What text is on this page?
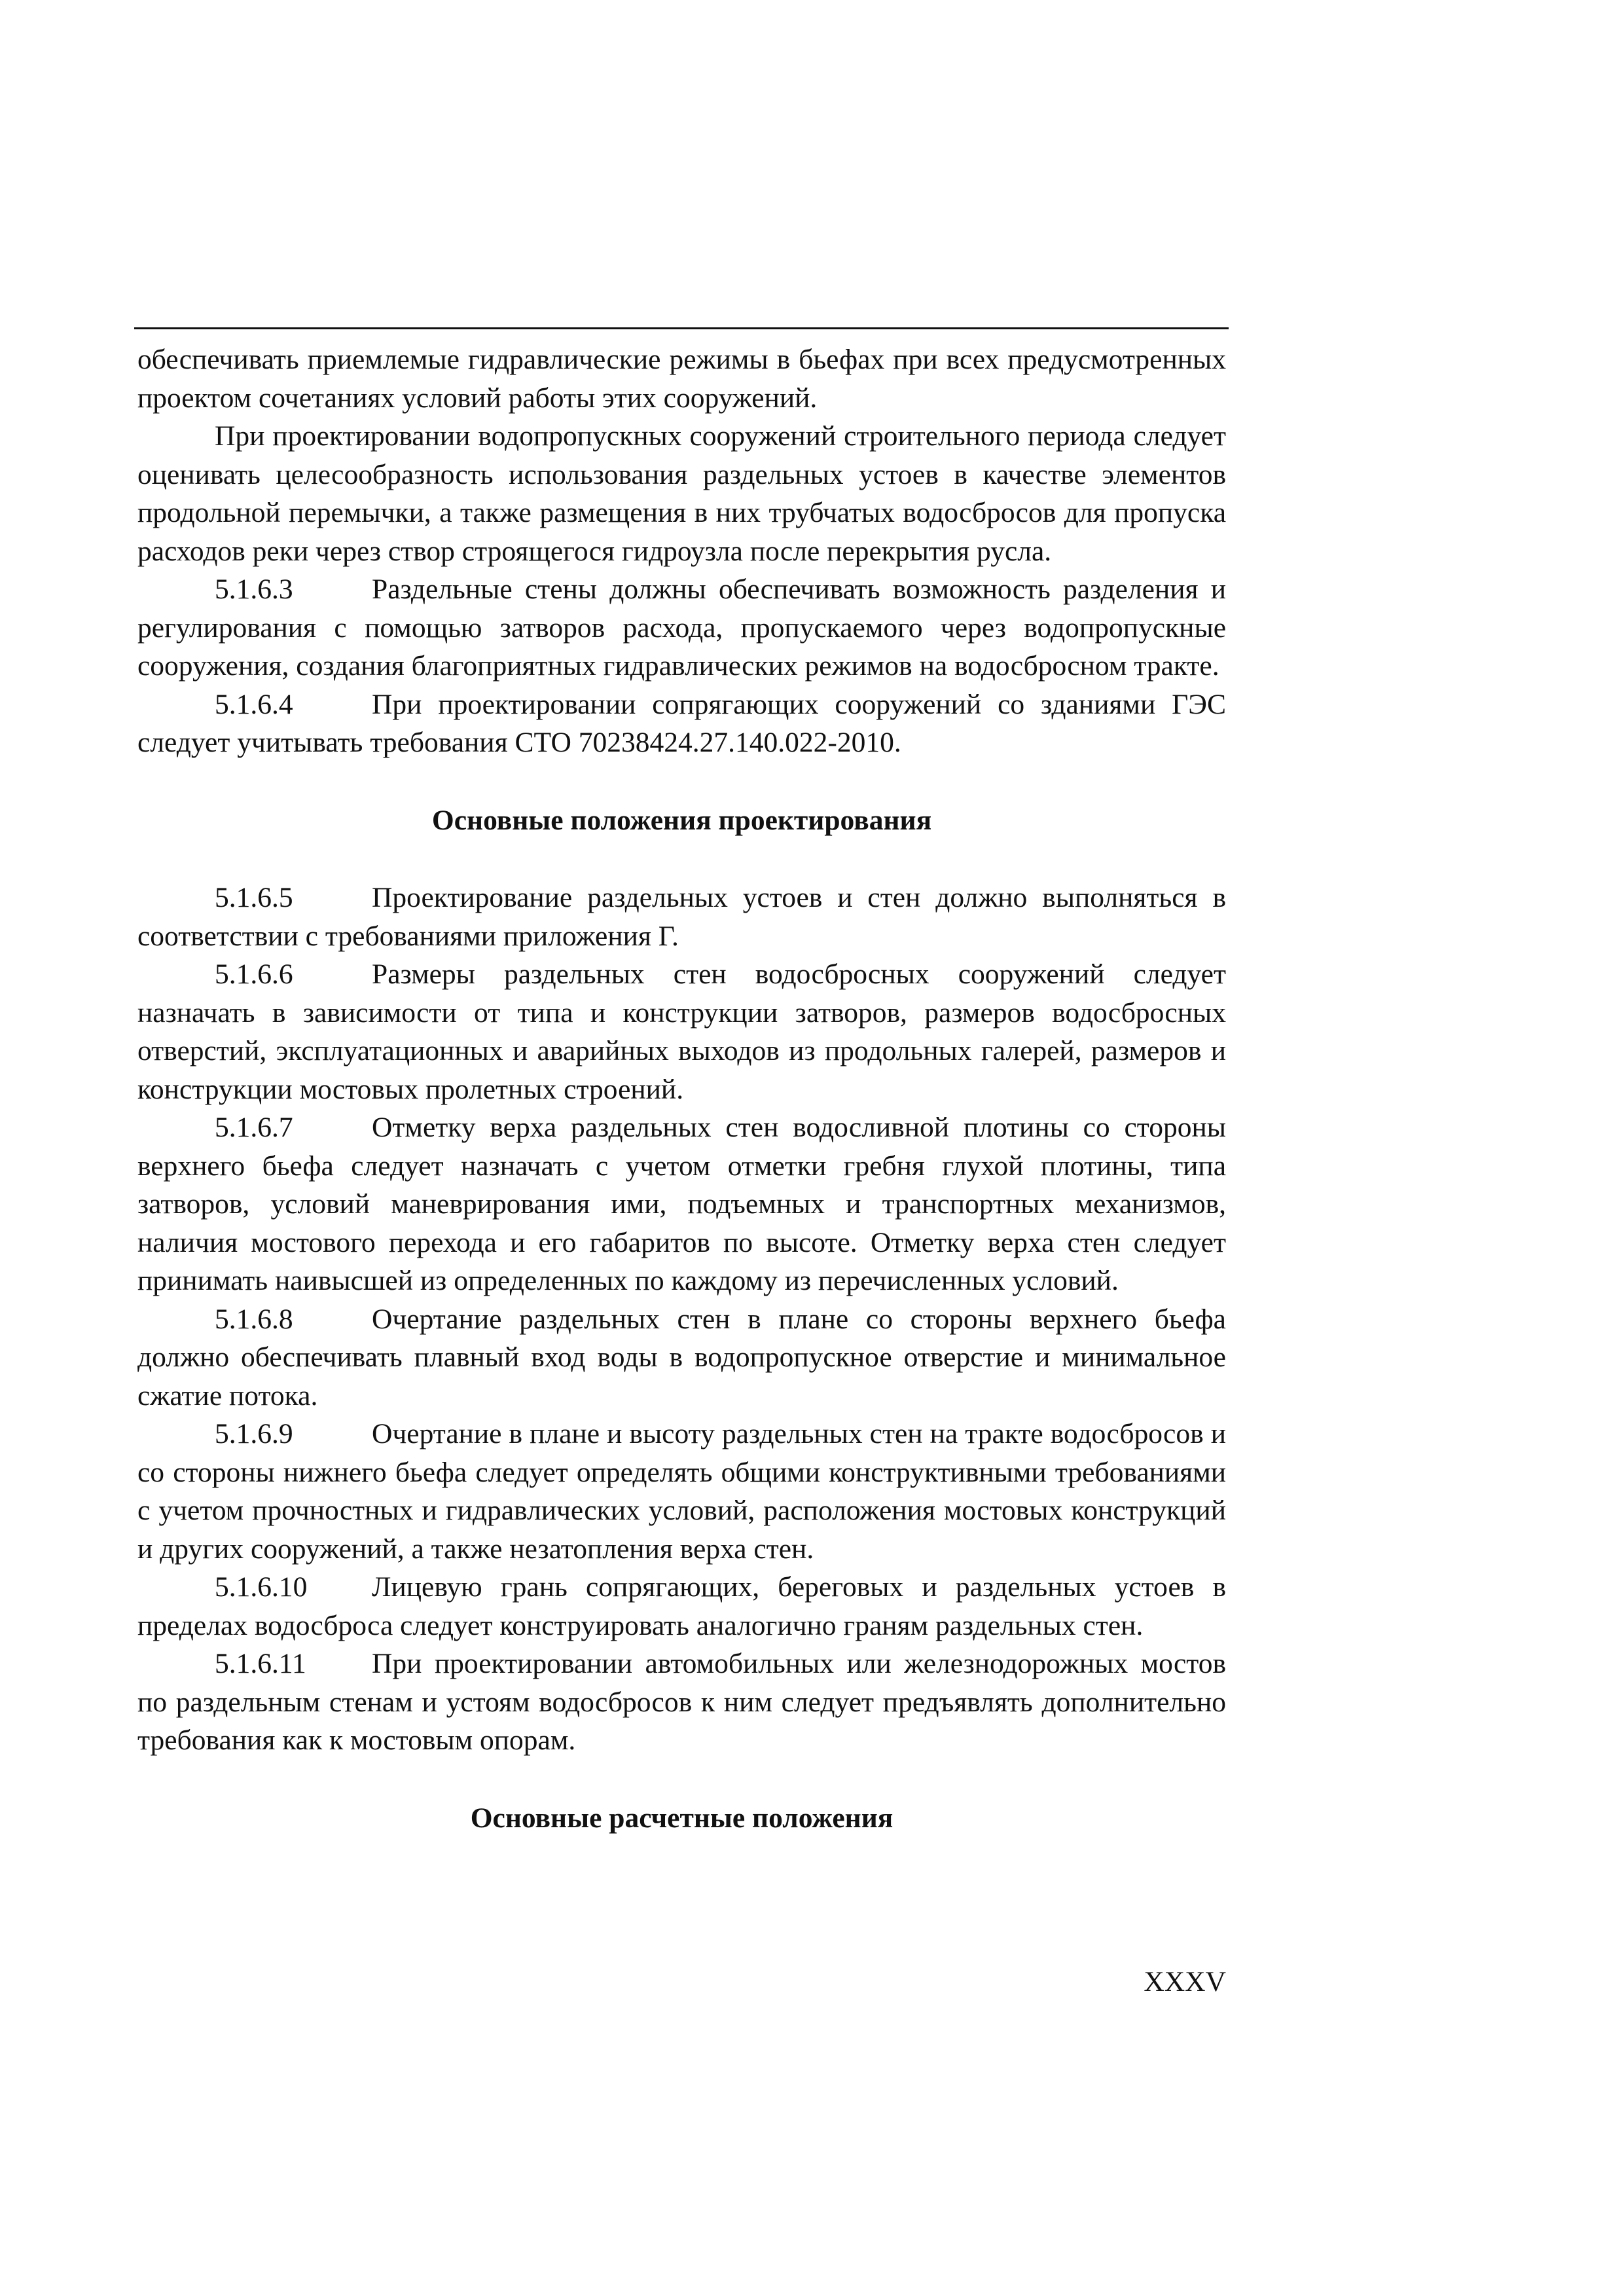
обеспечивать приемлемые гидравлические режимы в бьефах при всех предусмотренных проектом сочетаниях условий работы этих сооружений.

При проектировании водопропускных сооружений строительного периода следует оценивать целесообразность использования раздельных устоев в качестве элементов продольной перемычки, а также размещения в них трубчатых водосбросов для пропуска расходов реки через створ строящегося гидроузла после перекрытия русла.

5.1.6.3	Раздельные стены должны обеспечивать возможность разделения и регулирования с помощью затворов расхода, пропускаемого через водопропускные сооружения, создания благоприятных гидравлических режимов на водосбросном тракте.

5.1.6.4	При проектировании сопрягающих сооружений со зданиями ГЭС следует учитывать требования СТО 70238424.27.140.022-2010.

Основные положения проектирования

5.1.6.5	Проектирование раздельных устоев и стен должно выполняться в соответствии с требованиями приложения Г.

5.1.6.6	Размеры раздельных стен водосбросных сооружений следует назначать в зависимости от типа и конструкции затворов, размеров водосбросных отверстий, эксплуатационных и аварийных выходов из продольных галерей, размеров и конструкции мостовых пролетных строений.

5.1.6.7	Отметку верха раздельных стен водосливной плотины со стороны верхнего бьефа следует назначать с учетом отметки гребня глухой плотины, типа затворов, условий маневрирования ими, подъемных и транспортных механизмов, наличия мостового перехода и его габаритов по высоте. Отметку верха стен следует принимать наивысшей из определенных по каждому из перечисленных условий.

5.1.6.8	Очертание раздельных стен в плане со стороны верхнего бьефа должно обеспечивать плавный вход воды в водопропускное отверстие и минимальное сжатие потока.

5.1.6.9	Очертание в плане и высоту раздельных стен на тракте водосбросов и со стороны нижнего бьефа следует определять общими конструктивными требованиями с учетом прочностных и гидравлических условий, расположения мостовых конструкций и других сооружений, а также незатопления верха стен.

5.1.6.10 Лицевую грань сопрягающих, береговых и раздельных устоев в пределах водосброса следует конструировать аналогично граням раздельных стен.

5.1.6.11 При проектировании автомобильных или железнодорожных мостов по раздельным стенам и устоям водосбросов к ним следует предъявлять дополнительно требования как к мостовым опорам.

Основные расчетные положения

XXXV
